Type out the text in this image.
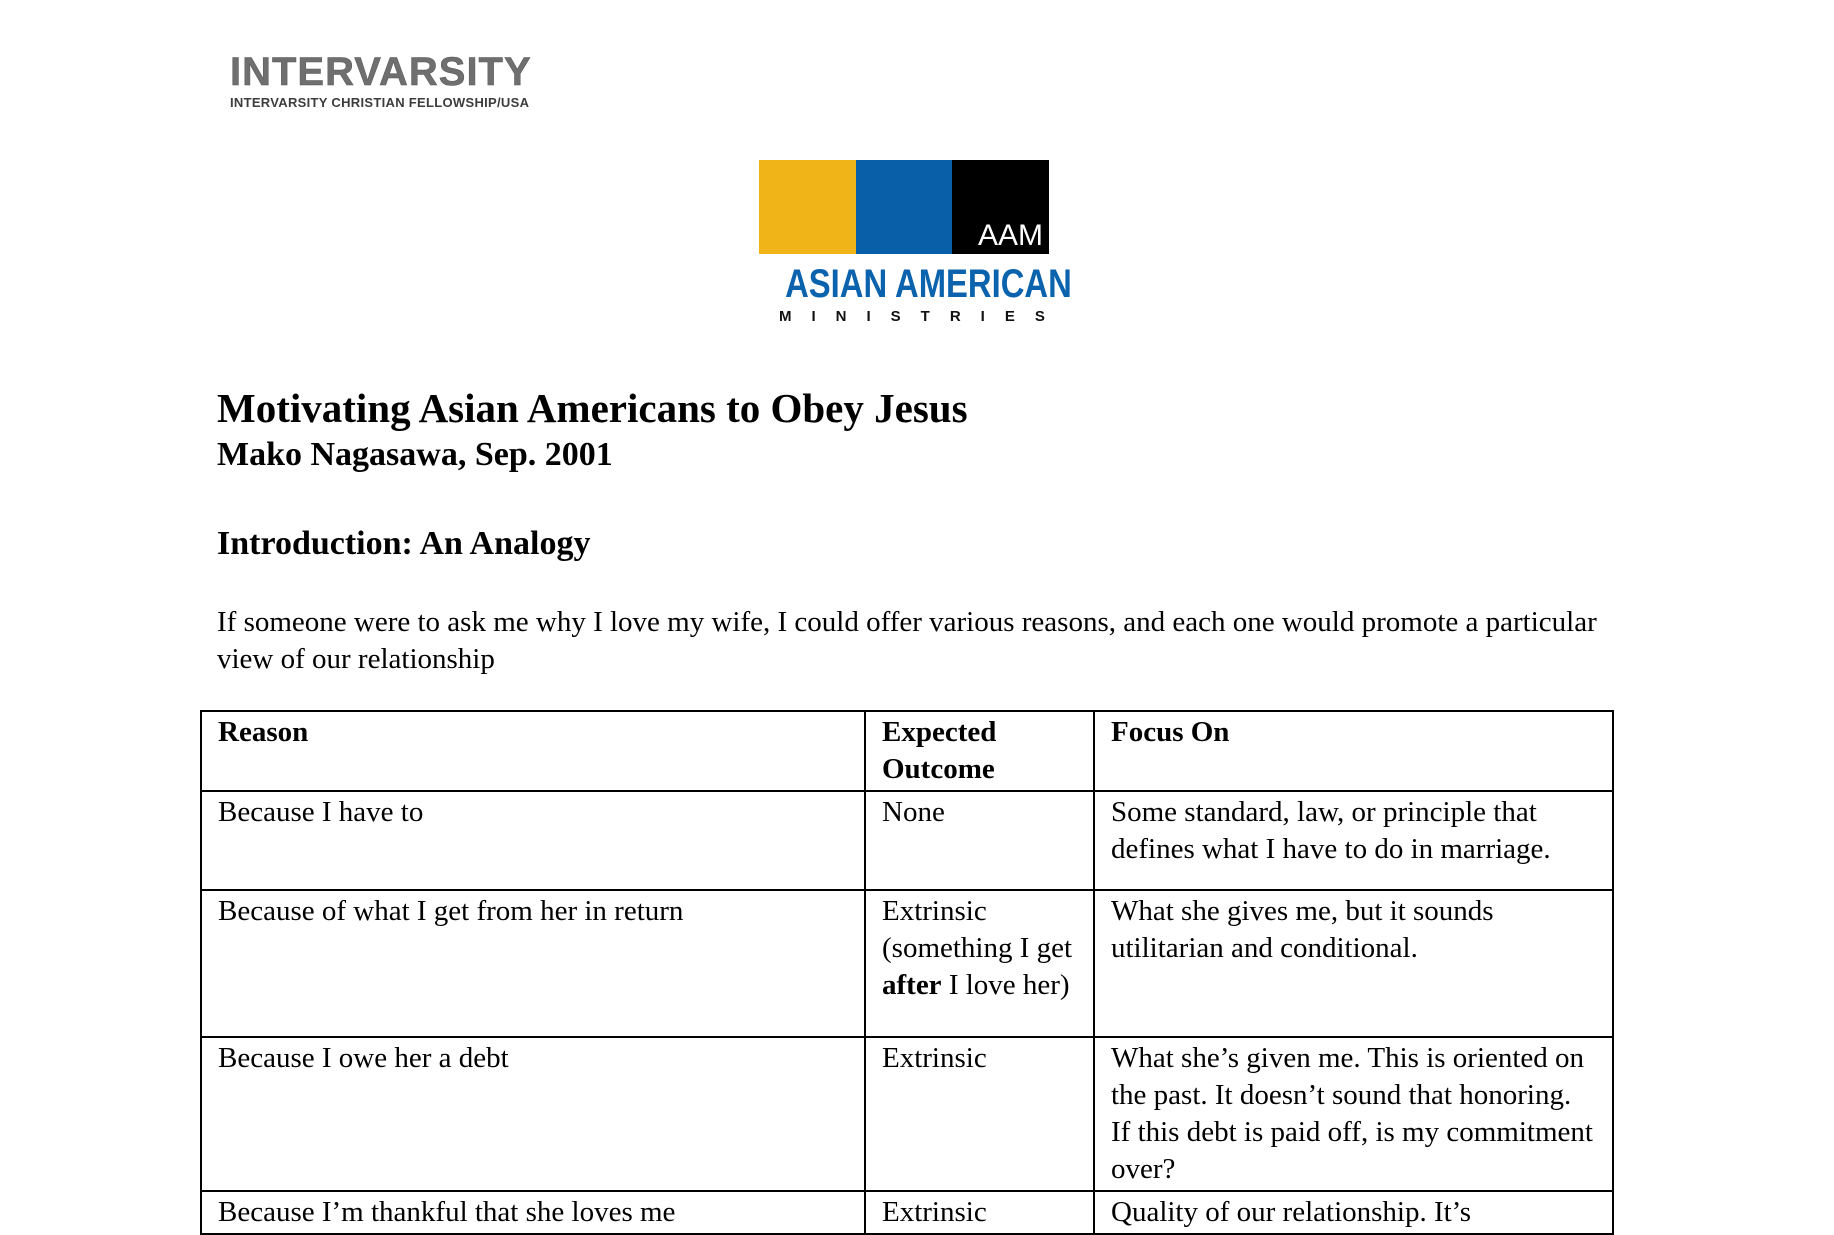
INTERVARSITY
INTERVARSITY CHRISTIAN FELLOWSHIP/USA
AAM
ASIAN AMERICAN
MINISTRIES
Motivating Asian Americans to Obey Jesus
Mako Nagasawa, Sep. 2001
Introduction: An Analogy

If someone were to ask me why I love my wife, I could offer various reasons, and each one would promote a particular view of our relationship

Reason	Expected Outcome	Focus On
Because I have to	None	Some standard, law, or principle that defines what I have to do in marriage.
Because of what I get from her in return	Extrinsic (something I get after I love her)	What she gives me, but it sounds utilitarian and conditional.
Because I owe her a debt	Extrinsic	What she’s given me. This is oriented on the past. It doesn’t sound that honoring. If this debt is paid off, is my commitment over?
Because I’m thankful that she loves me	Extrinsic	Quality of our relationship. It’s
